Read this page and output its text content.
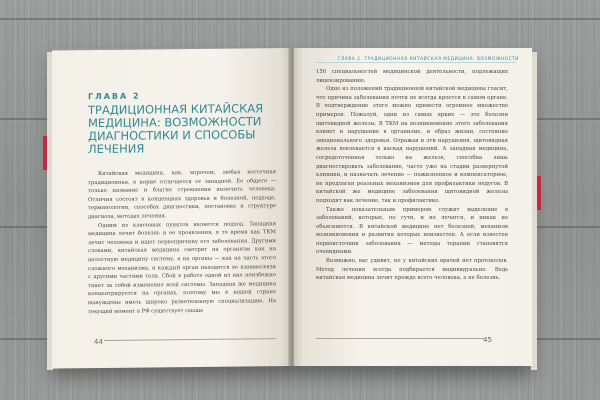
ГЛАВА 2
ТРАДИЦИОННАЯ КИТАЙСКАЯ
МЕДИЦИНА: ВОЗМОЖНОСТИ
ДИАГНОСТИКИ И СПОСОБЫ ЛЕЧЕНИЯ

Китайская медицина, как, впрочем, любая восточная традиционная, в корне отличается от западной. Ее общего — только название и благие стремления вылечить человека. Отличия состоят в концепциях здоровья и болезней, подходе, терминологии, способах диагностики, постановке и структуре диагноза, методах лечения.

Одним из ключевых пунктов является подход. Западная медицина лечит болезнь и ее проявления, в то время как ТКМ лечит человека и ищет первопричину его заболевания. Другими словами, китайская медицина смотрит на организм как на целостную медицину систему, а на органы — как на часть этого сложного механизма, и каждый орган находится во взаимосвязи с другими частями тела. Сбой в работе одной из них неизбежно тянет за собой изменение всей системы. Западная же медицина концентрируется на органах, поэтому мы в нашей стране вынуждены иметь широко разветвленную специализацию. На текущий момент в РФ существует свыше

44
ГЛАВА 2. ТРАДИЦИОННАЯ КИТАЙСКАЯ МЕДИЦИНА: ВОЗМОЖНОСТИ

150 специальностей медицинской деятельности, подлежащих лицензированию.

Одно из положений традиционной китайской медицины гласит, что причина заболевания почти не всегда кроется в самом органе. В подтверждение этого можно привести огромное множество примеров. Пожалуй, одни из самых ярких — это болезни щитовидной железы. В ТКМ на возникновение этого заболевания влияет и нарушение в организме, и образ жизни, состояние эмоционального здоровья. Отражая и эти нарушения, щитовидная железа вовлекается в каскад нарушений. А западная медицина, сосредоточенная только на железе, способна лишь диагностировать заболевание, часто уже на стадии развернутой клиники, и назначать лечение — пожизненное и компенсаторное, не предлагая реальных механизмов для профилактики недугов. В китайской же медицине заболевания щитовидной железы подходят как лечение, так и профилактике.

Также показательным примером служит выделение в заболеваний, которые, по сути, и не лечатся, и никак не объясняются. В китайской медицине нет болезней, механизм возникновения и развития которых неизвестен. А если известен первоисточник заболевания — методы терапии становятся очевидными.

Возможно, вас удивит, но у китайских врачей нет протоколов. Метод лечения всегда подбирается индивидуально. Ведь китайская медицина лечит прежде всего человека, а не болезнь.

45
